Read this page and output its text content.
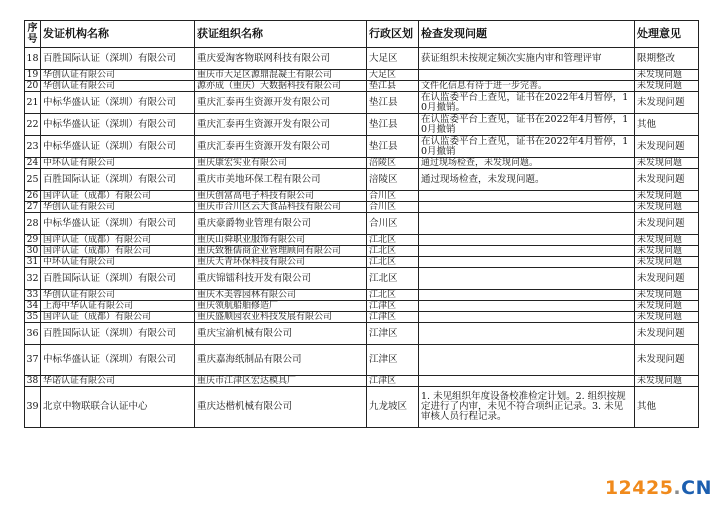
序号	发证机构名称	获证组织名称	行政区划	检查发现问题	处理意见
18	百胜国际认证（深圳）有限公司	重庆爱淘客物联网科技有限公司	大足区	获证组织未按规定频次实施内审和管理评审	限期整改
19	华创认证有限公司	重庆市大足区源鼎混凝土有限公司	大足区		未发现问题
20	华创认证有限公司	源亦成（重庆）大数据科技有限公司	垫江县	文件化信息有待于进一步完善。	未发现问题
21	中标华盛认证（深圳）有限公司	重庆汇泰再生资源开发有限公司	垫江县	在认监委平台上查见，证书在2022年4月暂停，10月撤销。	未发现问题
22	中标华盛认证（深圳）有限公司	重庆汇泰再生资源开发有限公司	垫江县	在认监委平台上查见，证书在2022年4月暂停，10月撤销	其他
23	中标华盛认证（深圳）有限公司	重庆汇泰再生资源开发有限公司	垫江县	在认监委平台上查见，证书在2022年4月暂停，10月撤销	未发现问题
24	中环认证有限公司	重庆康宏实业有限公司	涪陵区	通过现场检查，未发现问题。	未发现问题
25	百胜国际认证（深圳）有限公司	重庆市美地环保工程有限公司	涪陵区	通过现场检查，未发现问题。	未发现问题
26	国评认证（成都）有限公司	重庆创富高电子科技有限公司	合川区		未发现问题
27	华创认证有限公司	重庆市合川区云天食品科技有限公司	合川区		未发现问题
28	中标华盛认证（深圳）有限公司	重庆豪爵物业管理有限公司	合川区		未发现问题
29	国评认证（成都）有限公司	重庆山舜职业服饰有限公司	江北区		未发现问题
30	国评认证（成都）有限公司	重庆致雅儒商企业管理顾问有限公司	江北区		未发现问题
31	中环认证有限公司	重庆天青环保科技有限公司	江北区		未发现问题
32	百胜国际认证（深圳）有限公司	重庆锦镭科技开发有限公司	江北区		未发现问题
33	华创认证有限公司	重庆木美蓉园林有限公司	江北区		未发现问题
34	上海中华认证有限公司	重庆领航船舶修造厂	江津区		未发现问题
35	国评认证（成都）有限公司	重庆盛顺园农业科技发展有限公司	江津区		未发现问题
36	百胜国际认证（深圳）有限公司	重庆宝渝机械有限公司	江津区		未发现问题
37	中标华盛认证（深圳）有限公司	重庆嘉海纸制品有限公司	江津区		未发现问题
38	华诺认证有限公司	重庆市江津区宏达模具厂	江津区		未发现问题
39	北京中物联联合认证中心	重庆达楷机械有限公司	九龙坡区	1. 未见组织年度设备校准检定计划。2. 组织按规定进行了内审，未见不符合项纠正记录。3. 未见审核人员行程记录。	其他
12425.CN
